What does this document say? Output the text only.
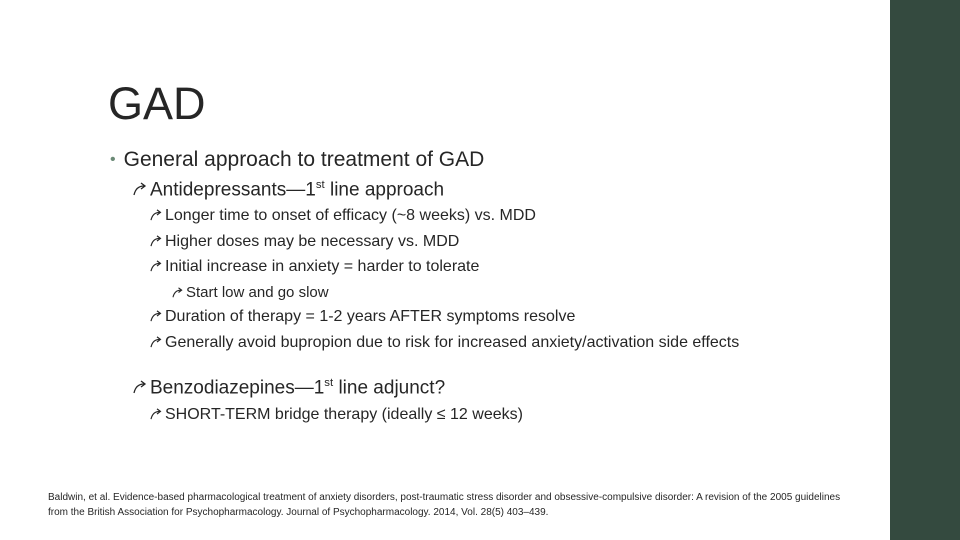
GAD
• General approach to treatment of GAD
Antidepressants—1st line approach
Longer time to onset of efficacy (~8 weeks) vs. MDD
Higher doses may be necessary vs. MDD
Initial increase in anxiety = harder to tolerate
Start low and go slow
Duration of therapy = 1-2 years AFTER symptoms resolve
Generally avoid bupropion due to risk for increased anxiety/activation side effects
Benzodiazepines—1st line adjunct?
SHORT-TERM bridge therapy (ideally ≤ 12 weeks)
Baldwin, et al. Evidence-based pharmacological treatment of anxiety disorders, post-traumatic stress disorder and obsessive-compulsive disorder: A revision of the 2005 guidelines from the British Association for Psychopharmacology. Journal of Psychopharmacology. 2014, Vol. 28(5) 403–439.
